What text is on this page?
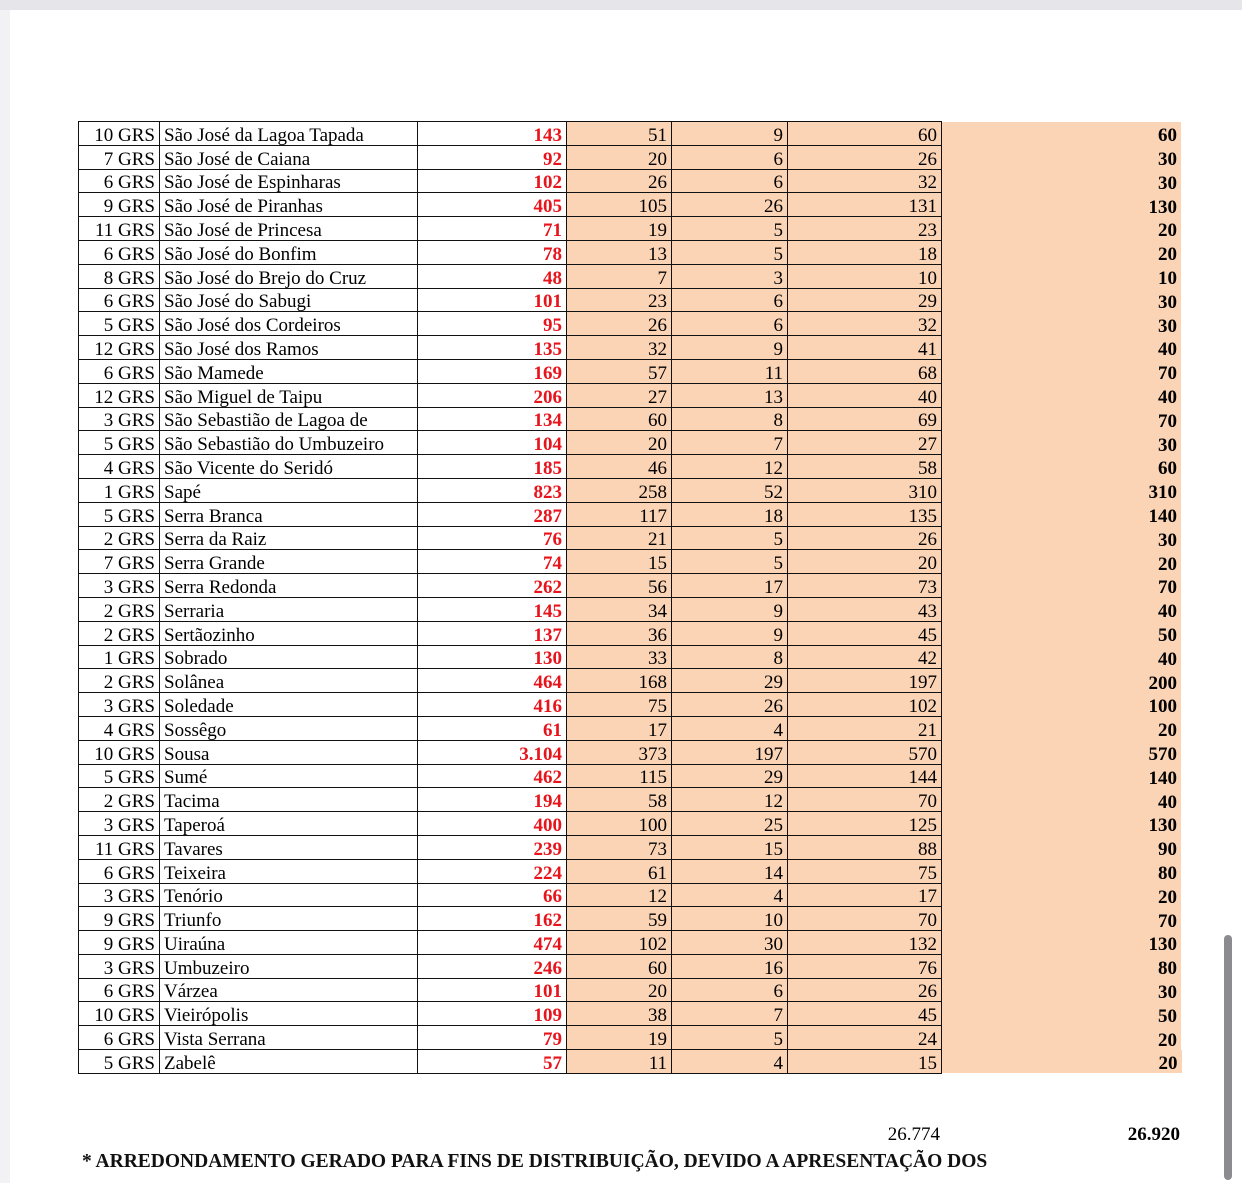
10 GRS	São José da Lagoa Tapada	143	51	9	60	60
7 GRS	São José de Caiana	92	20	6	26	30
6 GRS	São José de Espinharas	102	26	6	32	30
9 GRS	São José de Piranhas	405	105	26	131	130
11 GRS	São José de Princesa	71	19	5	23	20
6 GRS	São José do Bonfim	78	13	5	18	20
8 GRS	São José do Brejo do Cruz	48	7	3	10	10
6 GRS	São José do Sabugi	101	23	6	29	30
5 GRS	São José dos Cordeiros	95	26	6	32	30
12 GRS	São José dos Ramos	135	32	9	41	40
6 GRS	São Mamede	169	57	11	68	70
12 GRS	São Miguel de Taipu	206	27	13	40	40
3 GRS	São Sebastião de Lagoa de	134	60	8	69	70
5 GRS	São Sebastião do Umbuzeiro	104	20	7	27	30
4 GRS	São Vicente do Seridó	185	46	12	58	60
1 GRS	Sapé	823	258	52	310	310
5 GRS	Serra Branca	287	117	18	135	140
2 GRS	Serra da Raiz	76	21	5	26	30
7 GRS	Serra Grande	74	15	5	20	20
3 GRS	Serra Redonda	262	56	17	73	70
2 GRS	Serraria	145	34	9	43	40
2 GRS	Sertãozinho	137	36	9	45	50
1 GRS	Sobrado	130	33	8	42	40
2 GRS	Solânea	464	168	29	197	200
3 GRS	Soledade	416	75	26	102	100
4 GRS	Sossêgo	61	17	4	21	20
10 GRS	Sousa	3.104	373	197	570	570
5 GRS	Sumé	462	115	29	144	140
2 GRS	Tacima	194	58	12	70	40
3 GRS	Taperoá	400	100	25	125	130
11 GRS	Tavares	239	73	15	88	90
6 GRS	Teixeira	224	61	14	75	80
3 GRS	Tenório	66	12	4	17	20
9 GRS	Triunfo	162	59	10	70	70
9 GRS	Uiraúna	474	102	30	132	130
3 GRS	Umbuzeiro	246	60	16	76	80
6 GRS	Várzea	101	20	6	26	30
10 GRS	Vieirópolis	109	38	7	45	50
6 GRS	Vista Serrana	79	19	5	24	20
5 GRS	Zabelê	57	11	4	15	20
26.774	26.920
* ARREDONDAMENTO GERADO PARA FINS DE DISTRIBUIÇÃO, DEVIDO A APRESENTAÇÃO DOS
